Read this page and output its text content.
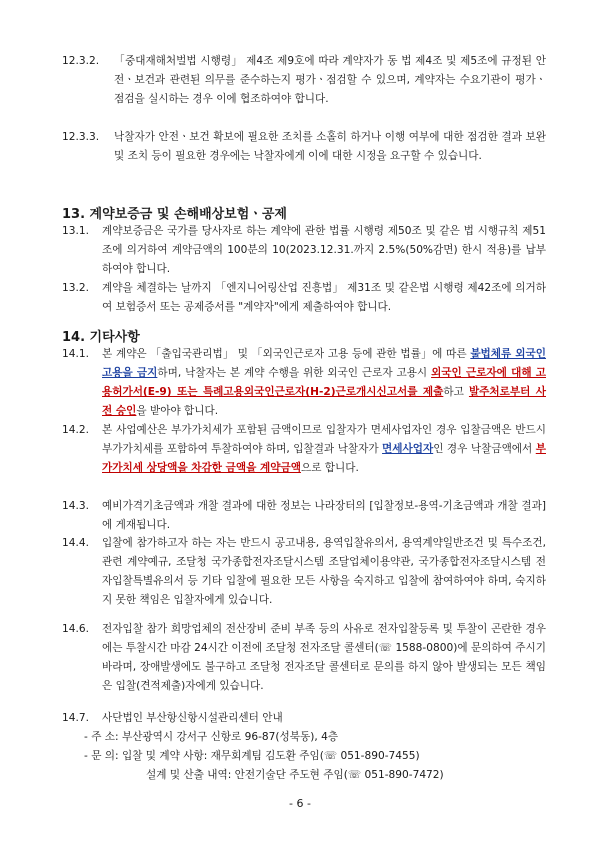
12.3.2. 「중대재해처벌법 시행령」 제4조 제9호에 따라 계약자가 동 법 제4조 및 제5조에 규정된 안전ㆍ보건과 관련된 의무를 준수하는지 평가ㆍ점검할 수 있으며, 계약자는 수요기관이 평가ㆍ점검을 실시하는 경우 이에 협조하여야 합니다.
12.3.3. 낙찰자가 안전ㆍ보건 확보에 필요한 조치를 소홀히 하거나 이행 여부에 대한 점검한 결과 보완 및 조치 등이 필요한 경우에는 낙찰자에게 이에 대한 시정을 요구할 수 있습니다.
13. 계약보증금 및 손해배상보험ㆍ공제
13.1. 계약보증금은 국가를 당사자로 하는 계약에 관한 법률 시행령 제50조 및 같은 법 시행규칙 제51조에 의거하여 계약금액의 100분의 10(2023.12.31.까지 2.5%(50%감면) 한시 적용)를 납부하여야 합니다.
13.2. 계약을 체결하는 날까지 「엔지니어링산업 진흥법」 제31조 및 같은법 시행령 제42조에 의거하여 보험증서 또는 공제증서를 "계약자"에게 제출하여야 합니다.
14. 기타사항
14.1. 본 계약은 「출입국관리법」 및 「외국인근로자 고용 등에 관한 법률」에 따른 불법체류 외국인 고용을 금지하며, 낙찰자는 본 계약 수행을 위한 외국인 근로자 고용시 외국인 근로자에 대해 고용허가서(E-9) 또는 특례고용외국인근로자(H-2)근로개시신고서를 제출하고 발주처로부터 사전 승인을 받아야 합니다.
14.2. 본 사업예산은 부가가치세가 포함된 금액이므로 입찰자가 면세사업자인 경우 입찰금액은 반드시 부가가치세를 포함하여 투찰하여야 하며, 입찰결과 낙찰자가 면세사업자인 경우 낙찰금액에서 부가가치세 상당액을 차감한 금액을 계약금액으로 합니다.
14.3. 예비가격기초금액과 개찰 결과에 대한 정보는 나라장터의 [입찰정보-용역-기초금액과 개찰 결과]에 게재됩니다.
14.4. 입찰에 참가하고자 하는 자는 반드시 공고내용, 용역입찰유의서, 용역계약일반조건 및 특수조건, 관련 계약예규, 조달청 국가종합전자조달시스템 조달업체이용약관, 국가종합전자조달시스템 전자입찰특별유의서 등 기타 입찰에 필요한 모든 사항을 숙지하고 입찰에 참여하여야 하며, 숙지하지 못한 책임은 입찰자에게 있습니다.
14.6. 전자입찰 참가 희망업체의 전산장비 준비 부족 등의 사유로 전자입찰등록 및 투찰이 곤란한 경우에는 투찰시간 마감 24시간 이전에 조달청 전자조달 콜센터(☏ 1588-0800)에 문의하여 주시기 바라며, 장애발생에도 불구하고 조달청 전자조달 콜센터로 문의를 하지 않아 발생되는 모든 책임은 입찰(견적제출)자에게 있습니다.
14.7. 사단법인 부산항신항시설관리센터 안내
- 주 소: 부산광역시 강서구 신항로 96-87(성북동), 4층
- 문 의: 입찰 및 계약 사항: 재무회계팀 김도환 주임(☏ 051-890-7455)
설계 및 산출 내역: 안전기술단 주도현 주임(☏ 051-890-7472)
- 6 -
